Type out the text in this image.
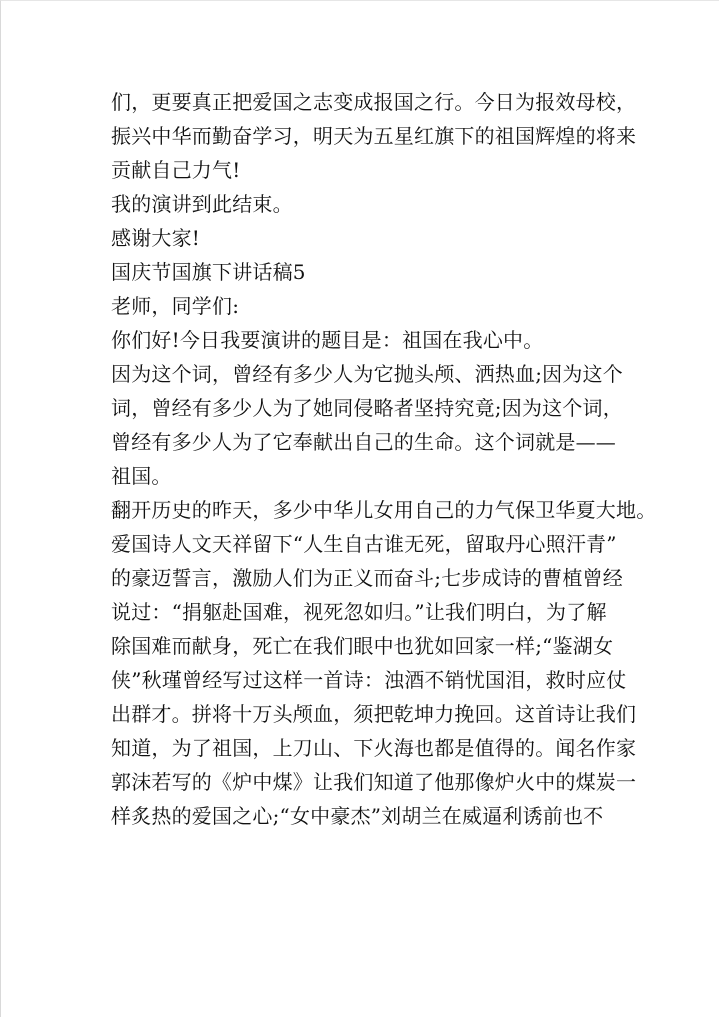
们，更要真正把爱国之志变成报国之行。今日为报效母校，
振兴中华而勤奋学习，明天为五星红旗下的祖国辉煌的将来
贡献自己力气!
我的演讲到此结束。
感谢大家!
国庆节国旗下讲话稿5
老师，同学们:
你们好!今日我要演讲的题目是：祖国在我心中。
因为这个词，曾经有多少人为它抛头颅、洒热血;因为这个
词，曾经有多少人为了她同侵略者坚持究竟;因为这个词，
曾经有多少人为了它奉献出自己的生命。这个词就是——
祖国。
翻开历史的昨天，多少中华儿女用自己的力气保卫华夏大地。
爱国诗人文天祥留下“人生自古谁无死，留取丹心照汗青”
的豪迈誓言，激励人们为正义而奋斗;七步成诗的曹植曾经
说过：“捐躯赴国难，视死忽如归。”让我们明白，为了解
除国难而献身，死亡在我们眼中也犹如回家一样;“鉴湖女
侠”秋瑾曾经写过这样一首诗：浊酒不销忧国泪，救时应仗
出群才。拼将十万头颅血，须把乾坤力挽回。这首诗让我们
知道，为了祖国，上刀山、下火海也都是值得的。闻名作家
郭沫若写的《炉中煤》让我们知道了他那像炉火中的煤炭一
样炙热的爱国之心;“女中豪杰”刘胡兰在威逼利诱前也不
